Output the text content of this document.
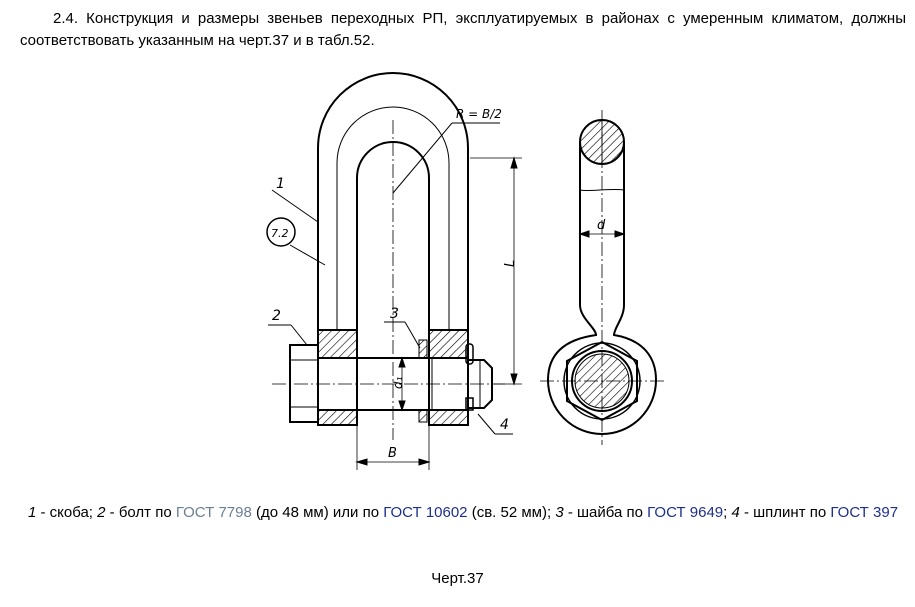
2.4. Конструкция и размеры звеньев переходных РП, эксплуатируемых в районах с умеренным климатом, должны соответствовать указанным на черт.37 и в табл.52.

R = B/2
1
7.2
2	3
4
L
B
d₁
d

1 - скоба; 2 - болт по ГОСТ 7798 (до 48 мм) или по ГОСТ 10602 (св. 52 мм); 3 - шайба по ГОСТ 9649; 4 - шплинт по ГОСТ 397

Черт.37
